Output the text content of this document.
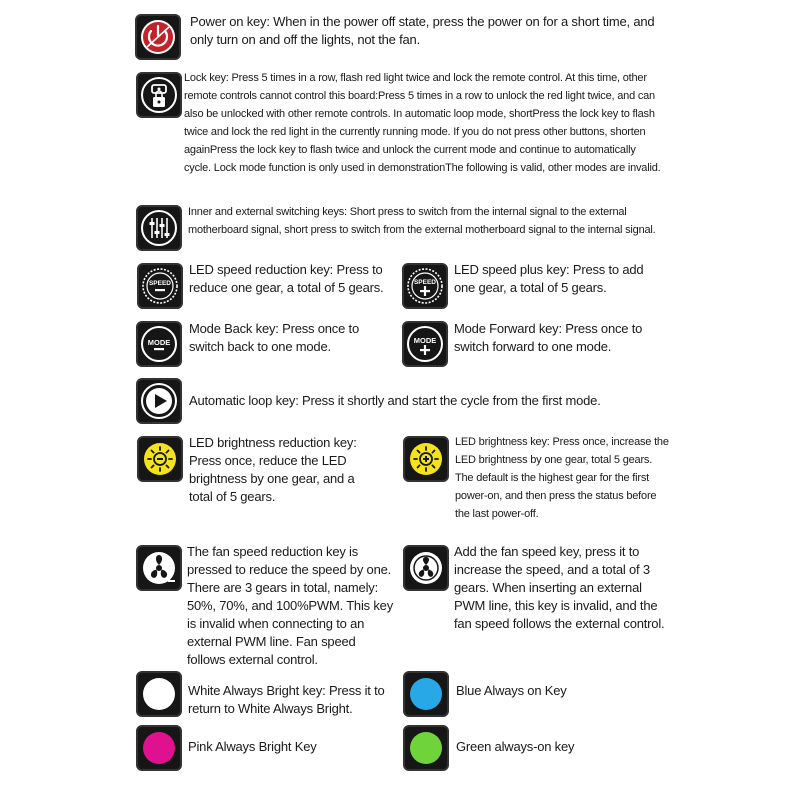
Power on key: When in the power off state, press the power on for a short time, and only turn on and off the lights, not the fan.
Lock key: Press 5 times in a row, flash red light twice and lock the remote control. At this time, other remote controls cannot control this board:Press 5 times in a row to unlock the red light twice, and can also be unlocked with other remote controls. In automatic loop mode, shortPress the lock key to flash twice and lock the red light in the currently running mode. If you do not press other buttons, shorten againPress the lock key to flash twice and unlock the current mode and continue to automatically cycle. Lock mode function is only used in demonstrationThe following is valid, other modes are invalid.
Inner and external switching keys: Short press to switch from the internal signal to the external motherboard signal, short press to switch from the external motherboard signal to the internal signal.
SPEED
LED speed reduction key: Press to reduce one gear, a total of 5 gears.	SPEED
LED speed plus key: Press to add one gear, a total of 5 gears.
MODE
Mode Back key: Press once to switch back to one mode.	MODE
Mode Forward key: Press once to switch forward to one mode.
Automatic loop key: Press it shortly and start the cycle from the first mode.
LED brightness reduction key: Press once, reduce the LED brightness by one gear, and a total of 5 gears.
LED brightness key: Press once, increase the LED brightness by one gear, total 5 gears. The default is the highest gear for the first power-on, and then press the status before the last power-off.
The fan speed reduction key is pressed to reduce the speed by one. There are 3 gears in total, namely: 50%, 70%, and 100%PWM. This key is invalid when connecting to an external PWM line. Fan speed follows external control.
Add the fan speed key, press it to increase the speed, and a total of 3 gears. When inserting an external PWM line, this key is invalid, and the fan speed follows the external control.
White Always Bright key: Press it to return to White Always Bright.
Blue Always on Key
Pink Always Bright Key	Green always-on key
